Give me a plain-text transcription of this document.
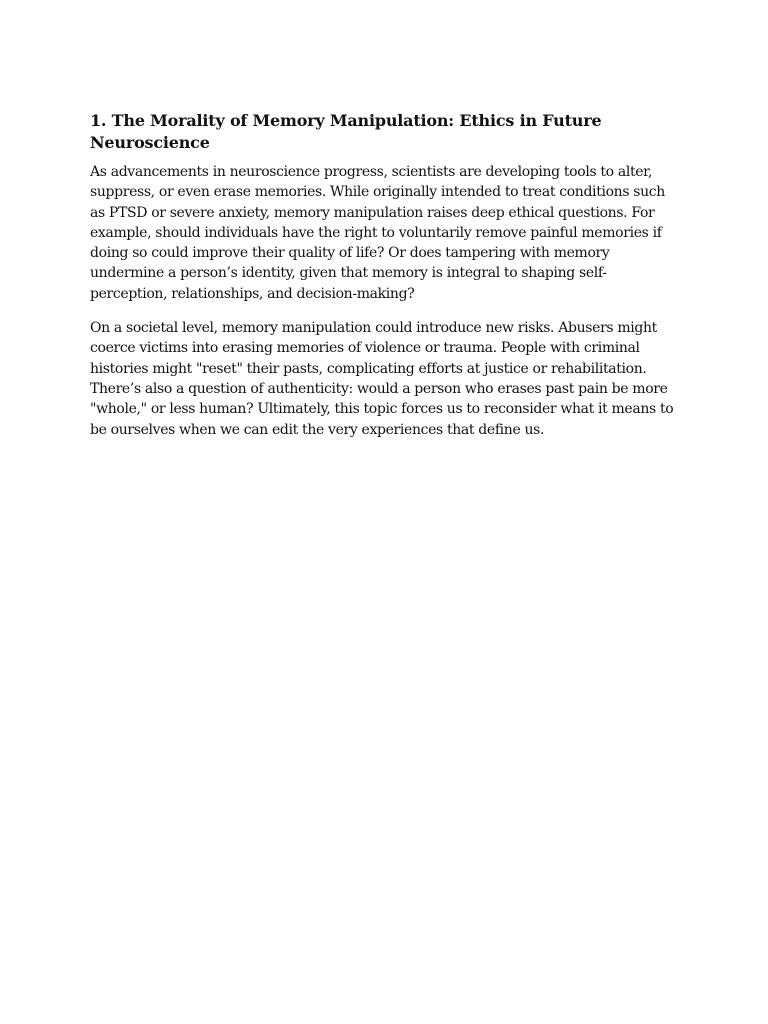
1. The Morality of Memory Manipulation: Ethics in Future Neuroscience

As advancements in neuroscience progress, scientists are developing tools to alter, suppress, or even erase memories. While originally intended to treat conditions such as PTSD or severe anxiety, memory manipulation raises deep ethical questions. For example, should individuals have the right to voluntarily remove painful memories if doing so could improve their quality of life? Or does tampering with memory undermine a person’s identity, given that memory is integral to shaping self-perception, relationships, and decision-making?

On a societal level, memory manipulation could introduce new risks. Abusers might coerce victims into erasing memories of violence or trauma. People with criminal histories might "reset" their pasts, complicating efforts at justice or rehabilitation. There’s also a question of authenticity: would a person who erases past pain be more "whole," or less human? Ultimately, this topic forces us to reconsider what it means to be ourselves when we can edit the very experiences that define us.
